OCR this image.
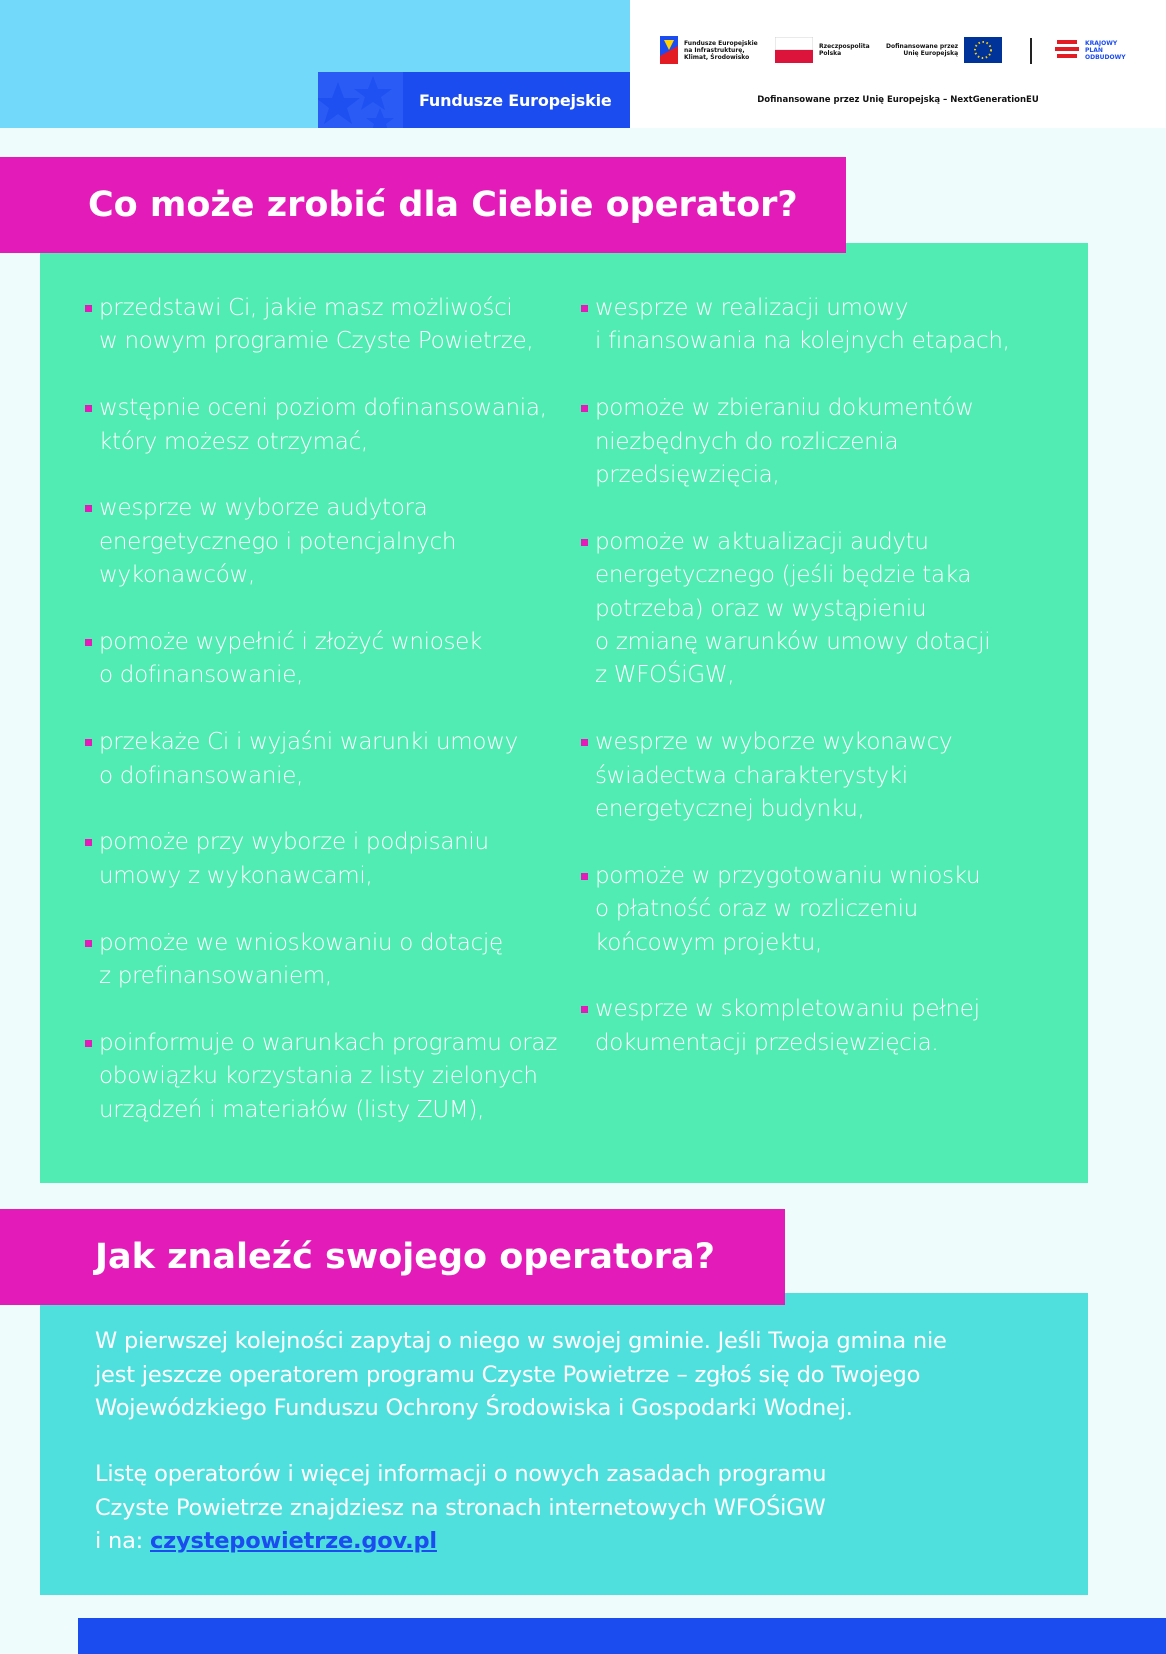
Fundusze Europejskie
Fundusze Europejskie
na Infrastrukturę,
Klimat, Środowisko
Rzeczpospolita
Polska
Dofinansowane przez
Unię Europejską
KRAJOWY
PLAN
ODBUDOWY
Dofinansowane przez Unię Europejską – NextGenerationEU
Co może zrobić dla Ciebie operator?
przedstawi Ci, jakie masz możliwości
w nowym programie Czyste Powietrze,
wstępnie oceni poziom dofinansowania,
który możesz otrzymać,
wesprze w wyborze audytora
energetycznego i potencjalnych
wykonawców,
pomoże wypełnić i złożyć wniosek
o dofinansowanie,
przekaże Ci i wyjaśni warunki umowy
o dofinansowanie,
pomoże przy wyborze i podpisaniu
umowy z wykonawcami,
pomoże we wnioskowaniu o dotację
z prefinansowaniem,
poinformuje o warunkach programu oraz
obowiązku korzystania z listy zielonych
urządzeń i materiałów (listy ZUM),
wesprze w realizacji umowy
i finansowania na kolejnych etapach,
pomoże w zbieraniu dokumentów
niezbędnych do rozliczenia
przedsięwzięcia,
pomoże w aktualizacji audytu
energetycznego (jeśli będzie taka
potrzeba) oraz w wystąpieniu
o zmianę warunków umowy dotacji
z WFOŚiGW,
wesprze w wyborze wykonawcy
świadectwa charakterystyki
energetycznej budynku,
pomoże w przygotowaniu wniosku
o płatność oraz w rozliczeniu
końcowym projektu,
wesprze w skompletowaniu pełnej
dokumentacji przedsięwzięcia.
Jak znaleźć swojego operatora?
W pierwszej kolejności zapytaj o niego w swojej gminie. Jeśli Twoja gmina nie
jest jeszcze operatorem programu Czyste Powietrze – zgłoś się do Twojego
Wojewódzkiego Funduszu Ochrony Środowiska i Gospodarki Wodnej.
Listę operatorów i więcej informacji o nowych zasadach programu
Czyste Powietrze znajdziesz na stronach internetowych WFOŚiGW
i na: czystepowietrze.gov.pl
